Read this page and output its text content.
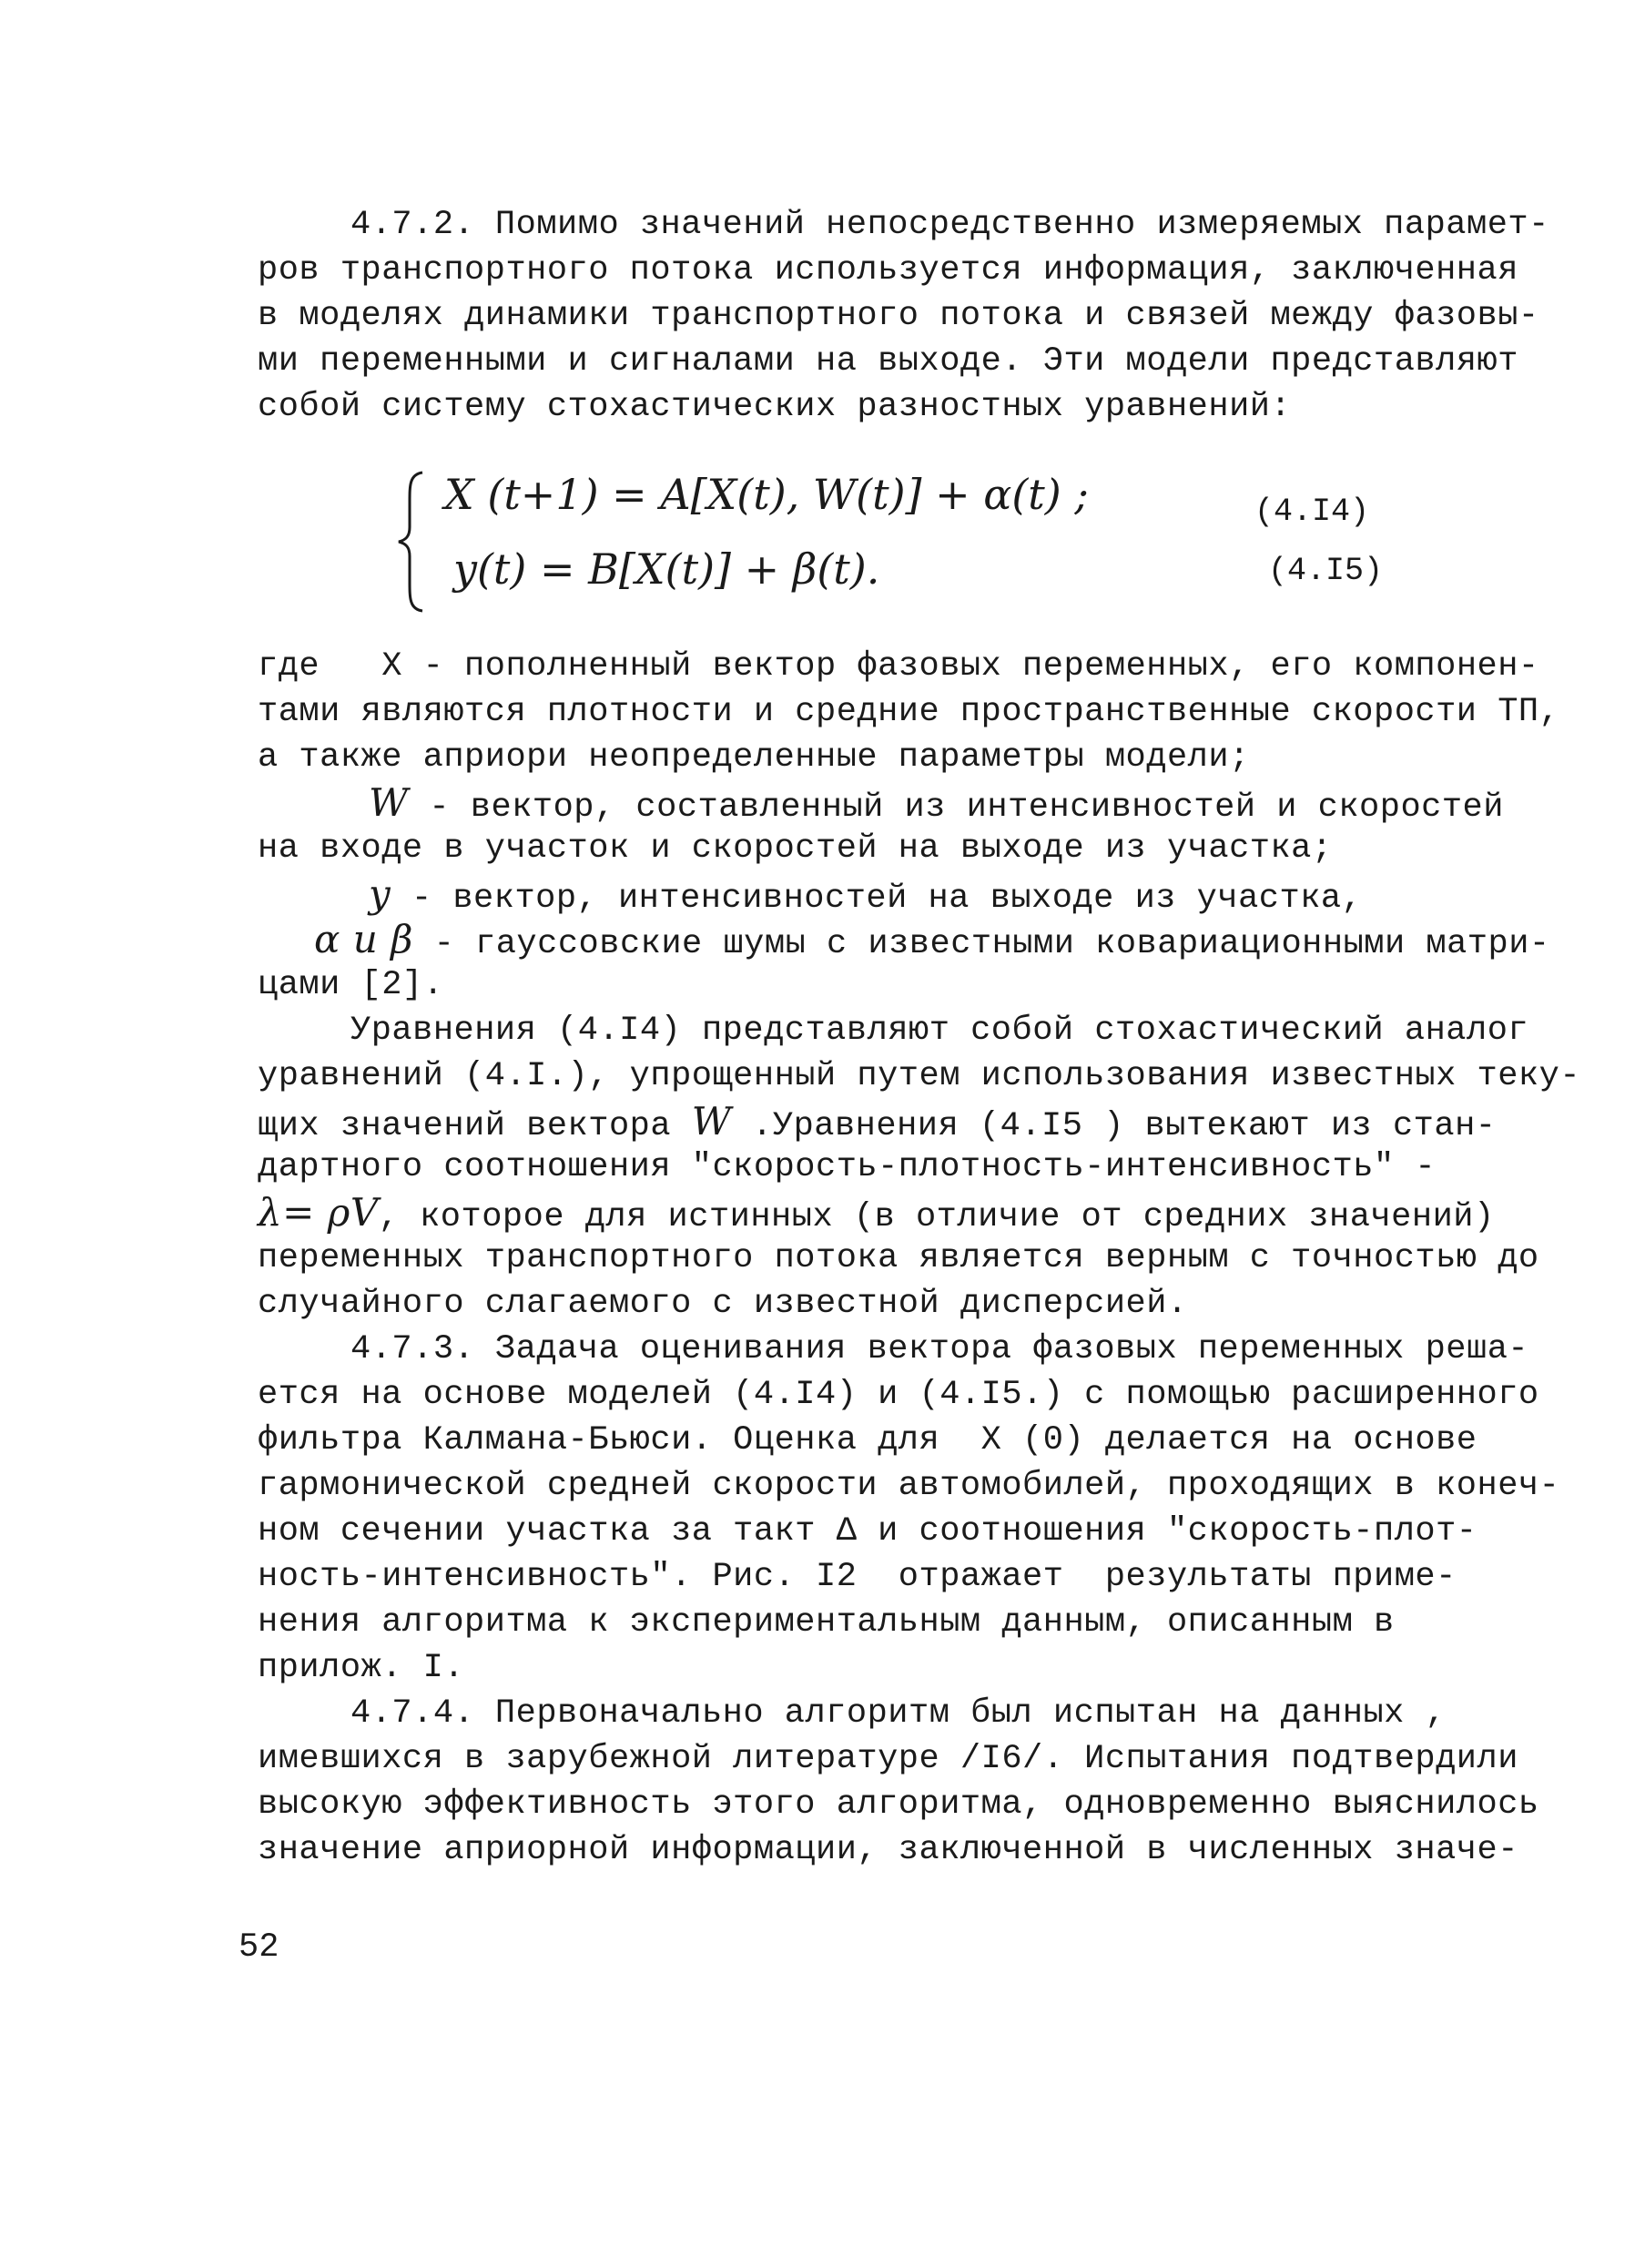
4.7.2. Помимо значений непосредственно измеряемых парамет-
ров транспортного потока используется информация, заключенная
в моделях динамики транспортного потока и связей между фазовы-
ми переменными и сигналами на выходе. Эти модели представляют
собой систему стохастических разностных уравнений:
X (t+1) = A[X(t), W(t)] + α(t) ;
y(t) = B[X(t)] + β(t).
(4.I4)
(4.I5)
где   X - пополненный вектор фазовых переменных, его компонен-
тами являются плотности и средние пространственные скорости ТП,
а также априори неопределенные параметры модели;
W - вектор, составленный из интенсивностей и скоростей
на входе в участок и скоростей на выходе из участка;
y - вектор, интенсивностей на выходе из участка,
α и β - гауссовские шумы с известными ковариационными матри-
цами [2].
Уравнения (4.I4) представляют собой стохастический аналог
уравнений (4.I.), упрощенный путем использования известных теку-
щих значений вектора W .Уравнения (4.I5 ) вытекают из стан-
дартного соотношения "скорость-плотность-интенсивность" -
λ= ρV, которое для истинных (в отличие от средних значений)
переменных транспортного потока является верным с точностью до
случайного слагаемого с известной дисперсией.
4.7.3. Задача оценивания вектора фазовых переменных реша-
ется на основе моделей (4.I4) и (4.I5.) с помощью расширенного
фильтра Калмана-Бьюси. Оценка для  X (0) делается на основе
гармонической средней скорости автомобилей, проходящих в конеч-
ном сечении участка за такт Δ и соотношения "скорость-плот-
ность-интенсивность". Рис. I2  отражает  результаты приме-
нения алгоритма к экспериментальным данным, описанным в
прилож. I.
4.7.4. Первоначально алгоритм был испытан на данных ,
имевшихся в зарубежной литературе /I6/. Испытания подтвердили
высокую эффективность этого алгоритма, одновременно выяснилось
значение априорной информации, заключенной в численных значе-
52
